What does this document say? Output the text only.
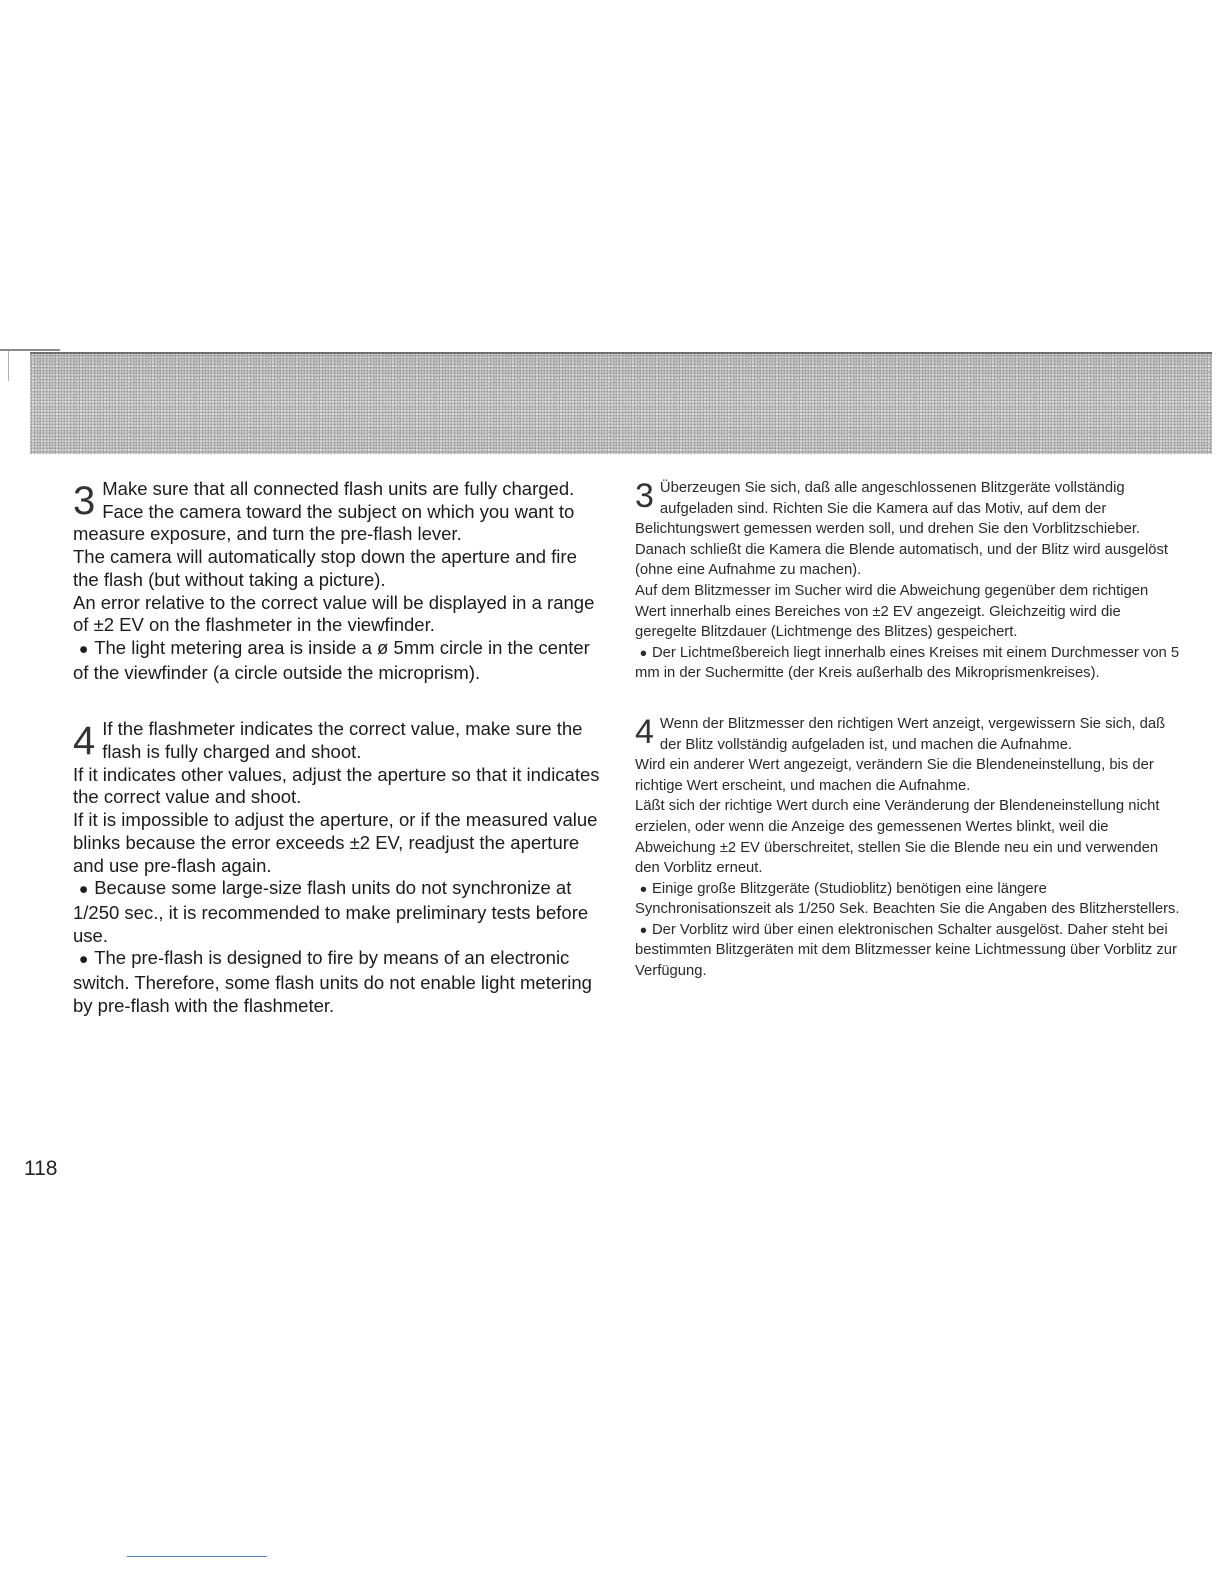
3 Make sure that all connected flash units are fully charged. Face the camera toward the subject on which you want to measure exposure, and turn the pre-flash lever.

The camera will automatically stop down the aperture and fire the flash (but without taking a picture).

An error relative to the correct value will be displayed in a range of ±2 EV on the flashmeter in the viewfinder.

● The light metering area is inside a ø 5mm circle in the center of the viewfinder (a circle outside the microprism).

4 If the flashmeter indicates the correct value, make sure the flash is fully charged and shoot.

If it indicates other values, adjust the aperture so that it indicates the correct value and shoot.

If it is impossible to adjust the aperture, or if the measured value blinks because the error exceeds ±2 EV, readjust the aperture and use pre-flash again.

● Because some large-size flash units do not synchronize at 1/250 sec., it is recommended to make preliminary tests before use.

● The pre-flash is designed to fire by means of an electronic switch. Therefore, some flash units do not enable light metering by pre-flash with the flashmeter.

3 Überzeugen Sie sich, daß alle angeschlossenen Blitzgeräte vollständig aufgeladen sind. Richten Sie die Kamera auf das Motiv, auf dem der Belichtungswert gemessen werden soll, und drehen Sie den Vorblitzschieber. Danach schließt die Kamera die Blende automatisch, und der Blitz wird ausgelöst (ohne eine Aufnahme zu machen).

Auf dem Blitzmesser im Sucher wird die Abweichung gegenüber dem richtigen Wert innerhalb eines Bereiches von ±2 EV angezeigt. Gleichzeitig wird die geregelte Blitzdauer (Lichtmenge des Blitzes) gespeichert.

● Der Lichtmeßbereich liegt innerhalb eines Kreises mit einem Durchmesser von 5 mm in der Suchermitte (der Kreis außerhalb des Mikroprismenkreises).

4 Wenn der Blitzmesser den richtigen Wert anzeigt, vergewissern Sie sich, daß der Blitz vollständig aufgeladen ist, und machen die Aufnahme.

Wird ein anderer Wert angezeigt, verändern Sie die Blendeneinstellung, bis der richtige Wert erscheint, und machen die Aufnahme.

Läßt sich der richtige Wert durch eine Veränderung der Blendeneinstellung nicht erzielen, oder wenn die Anzeige des gemessenen Wertes blinkt, weil die Abweichung ±2 EV überschreitet, stellen Sie die Blende neu ein und verwenden den Vorblitz erneut.

● Einige große Blitzgeräte (Studioblitz) benötigen eine längere Synchronisationszeit als 1/250 Sek. Beachten Sie die Angaben des Blitzherstellers.

● Der Vorblitz wird über einen elektronischen Schalter ausgelöst. Daher steht bei bestimmten Blitzgeräten mit dem Blitzmesser keine Lichtmessung über Vorblitz zur Verfügung.

118
